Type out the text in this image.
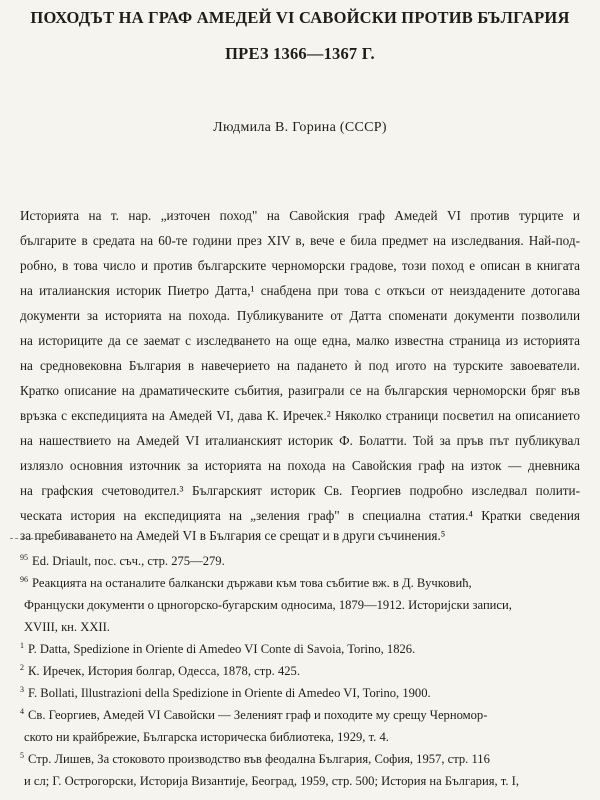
ПОХОДЪТ НА ГРАФ АМЕДЕЙ VI САВОЙСКИ ПРОТИВ БЪЛГАРИЯ
ПРЕЗ 1366—1367 Г.
Людмила В. Горина (СССР)
Историята на т. нар. „източен поход" на Савойския граф Амедей VI против турците и
българите в средата на 60-те години през XIV в, вече е била предмет на изследвания. Най-под-
робно, в това число и против българските черноморски градове, този поход е описан в книгата
на италианския историк Пиетро Датта,¹ снабдена при това с откъси от неиздадените дотогава
документи за историята на похода. Публикуваните от Датта споменати документи позволили
на историците да се заемат с изследването на още една, малко известна страница из историята
на средновековна България в навечерието на падането ѝ под игото на турските завоеватели.
Кратко описание на драматическите събития, разиграли се на българския черноморски бряг във
връзка с експедицията на Амедей VI, дава К. Иречек.² Няколко страници посветил на описанието
на нашествието на Амедей VI италианският историк Ф. Болатти. Той за пръв път публикувал
излязло основния източник за историята на похода на Савойския граф на изток — дневника
на графския счетоводител.³ Българският историк Св. Георгиев подробно изследвал полити-
ческата история на експедицията на „зеления граф" в специална статия.⁴ Кратки сведения
за пребиваването на Амедей VI в България се срещат и в други съчинения.⁵
$^{95}$ Ed. Driault, пос. съч., стр. 275—279.
$^{96}$ Реакцията на останалите балкански държави към това събитие вж. в Д. Вучковић,
Француски документи о црногорско-бугарским односима, 1879—1912. Историјски записи,
XVIII, кн. XXII.
$^1$ P. Datta, Spedizione in Oriente di Amedeo VI Conte di Savoia, Torino, 1826.
$^2$ К. Иречек, История болгар, Одесса, 1878, стр. 425.
$^3$ F. Bollati, Illustrazioni della Spedizione in Oriente di Amedeo VI, Torino, 1900.
$^4$ Св. Георгиев, Амедей VI Савойски — Зеленият граф и походите му срещу Черномор-
ското ни крайбрежие, Българска историческа библиотека, 1929, т. 4.
$^5$ Стр. Лишев, За стоковото производство във феодална България, София, 1957, стр. 116
и сл; Г. Острогорски, Историја Византије, Београд, 1959, стр. 500; История на България, т. I,
